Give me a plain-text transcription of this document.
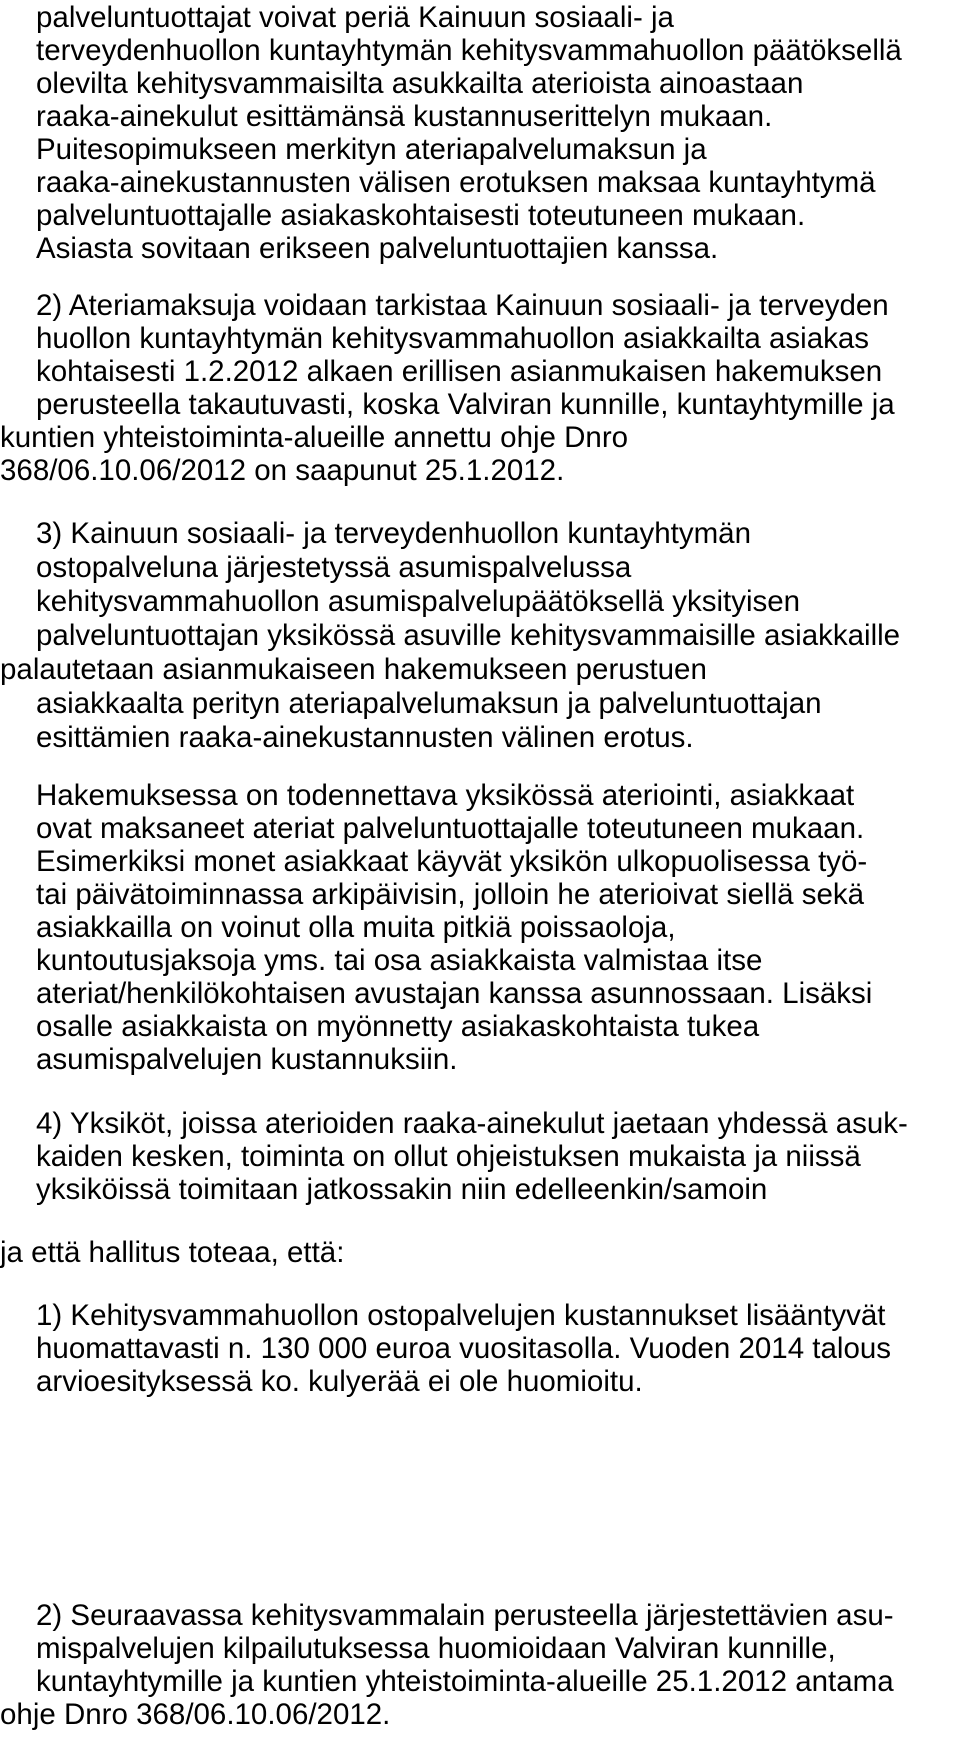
palveluntuottajat voivat periä Kainuun sosiaali- ja
terveydenhuollon kuntayhtymän kehitysvammahuollon päätöksellä
olevilta kehitysvammaisilta asukkailta aterioista ainoastaan
raaka-ainekulut esittämänsä kustannuserittelyn mukaan.
Puitesopimukseen merkityn ateriapalvelumaksun ja
raaka-ainekustannusten välisen erotuksen maksaa kuntayhtymä
palveluntuottajalle asiakaskohtaisesti toteutuneen mukaan.
Asiasta sovitaan erikseen palveluntuottajien kanssa.
2) Ateriamaksuja voidaan tarkistaa Kainuun sosiaali- ja terveyden
huollon kuntayhtymän kehitysvammahuollon asiakkailta asiakas
kohtaisesti 1.2.2012 alkaen erillisen asianmukaisen hakemuksen
perusteella takautuvasti, koska Valviran kunnille, kuntayhtymille ja
kuntien yhteistoiminta-alueille annettu ohje Dnro
368/06.10.06/2012 on saapunut 25.1.2012.
3) Kainuun sosiaali- ja terveydenhuollon kuntayhtymän
ostopalveluna järjestetyssä asumispalvelussa
kehitysvammahuollon asumispalvelupäätöksellä yksityisen
palveluntuottajan yksikössä asuville kehitysvammaisille asiakkaille
palautetaan asianmukaiseen hakemukseen perustuen
asiakkaalta perityn ateriapalvelumaksun ja palveluntuottajan
esittämien raaka-ainekustannusten välinen erotus.
Hakemuksessa on todennettava yksikössä ateriointi, asiakkaat
ovat maksaneet ateriat palveluntuottajalle toteutuneen mukaan.
Esimerkiksi monet asiakkaat käyvät yksikön ulkopuolisessa työ-
tai päivätoiminnassa arkipäivisin, jolloin he aterioivat siellä sekä
asiakkailla on voinut olla muita pitkiä poissaoloja,
kuntoutusjaksoja yms. tai osa asiakkaista valmistaa itse
ateriat/henkilökohtaisen avustajan kanssa asunnossaan. Lisäksi
osalle asiakkaista on myönnetty asiakaskohtaista tukea
asumispalvelujen kustannuksiin.
4) Yksiköt, joissa aterioiden raaka-ainekulut jaetaan yhdessä asuk-
kaiden kesken, toiminta on ollut ohjeistuksen mukaista ja niissä
yksiköissä toimitaan jatkossakin niin edelleenkin/samoin
ja että hallitus toteaa, että:
1) Kehitysvammahuollon ostopalvelujen kustannukset lisääntyvät
huomattavasti n. 130 000 euroa vuositasolla. Vuoden 2014 talous
arvioesityksessä ko. kulуerää ei ole huomioitu.
2) Seuraavassa kehitysvammalain perusteella järjestettävien asu-
mispalvelujen kilpailutuksessa huomioidaan Valviran kunnille,
kuntayhtymille ja kuntien yhteistoiminta-alueille 25.1.2012 antama
ohje Dnro 368/06.10.06/2012.
